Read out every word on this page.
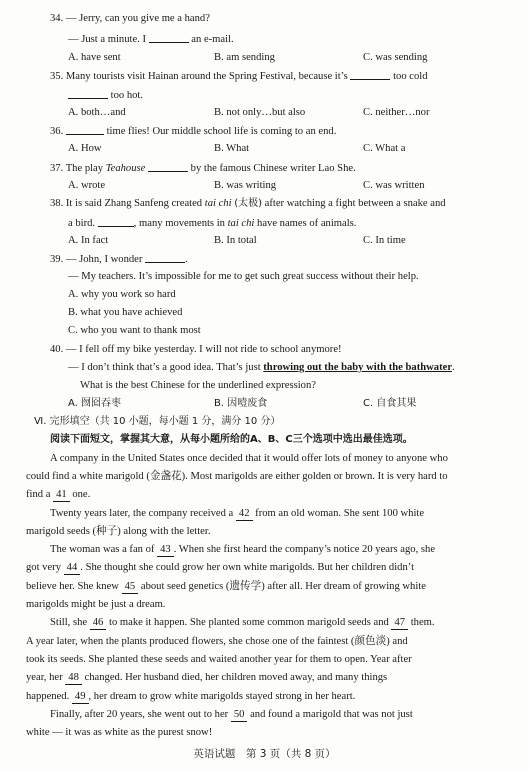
34. — Jerry, can you give me a hand?
— Just a minute. I	an e-mail.
A. have sent	B. am sending	C. was sending
35. Many tourists visit Hainan around the Spring Festival, because it’s	too cold
too hot.
A. both…and	B. not only…but also	C. neither…nor
36.	time flies! Our middle school life is coming to an end.
A. How	B. What	C. What a
37. The play Teahouse	by the famous Chinese writer Lao She.
A. wrote	B. was writing	C. was written
38. It is said Zhang Sanfeng created tai chi (太极) after watching a fight between a snake and
a bird.	, many movements in tai chi have names of animals.
A. In fact	B. In total	C. In time
39. — John, I wonder	.
— My teachers. It’s impossible for me to get such great success without their help.
A. why you work so hard
B. what you have achieved
C. who you want to thank most
40. — I fell off my bike yesterday. I will not ride to school anymore!
— I don’t think that’s a good idea. That’s just throwing out the baby with the bathwater.
What is the best Chinese for the underlined expression?
A. 囫囵吞枣	B. 因噎废食	C. 自食其果
Ⅵ. 完形填空（共 10 小题，每小题 1 分，满分 10 分）
阅读下面短文，掌握其大意，从每小题所给的A、B、C三个选项中选出最佳选项。
A company in the United States once decided that it would offer lots of money to anyone who
could find a white marigold (金盏花). Most marigolds are either golden or brown. It is very hard to
find a 41 one.
Twenty years later, the company received a 42 from an old woman. She sent 100 white
marigold seeds (种子) along with the letter.
The woman was a fan of 43 . When she first heard the company’s notice 20 years ago, she
got very 44 . She thought she could grow her own white marigolds. But her children didn’t
believe her. She knew 45 about seed genetics (遗传学) after all. Her dream of growing white
marigolds might be just a dream.
Still, she 46 to make it happen. She planted some common marigold seeds and 47 them.
A year later, when the plants produced flowers, she chose one of the faintest (颜色淡) and
took its seeds. She planted these seeds and waited another year for them to open. Year after
year, her 48 changed. Her husband died, her children moved away, and many things
happened. 49 , her dream to grow white marigolds stayed strong in her heart.
Finally, after 20 years, she went out to her 50 and found a marigold that was not just
white — it was as white as the purest snow!
英语试题　第 3 页（共 8 页）
